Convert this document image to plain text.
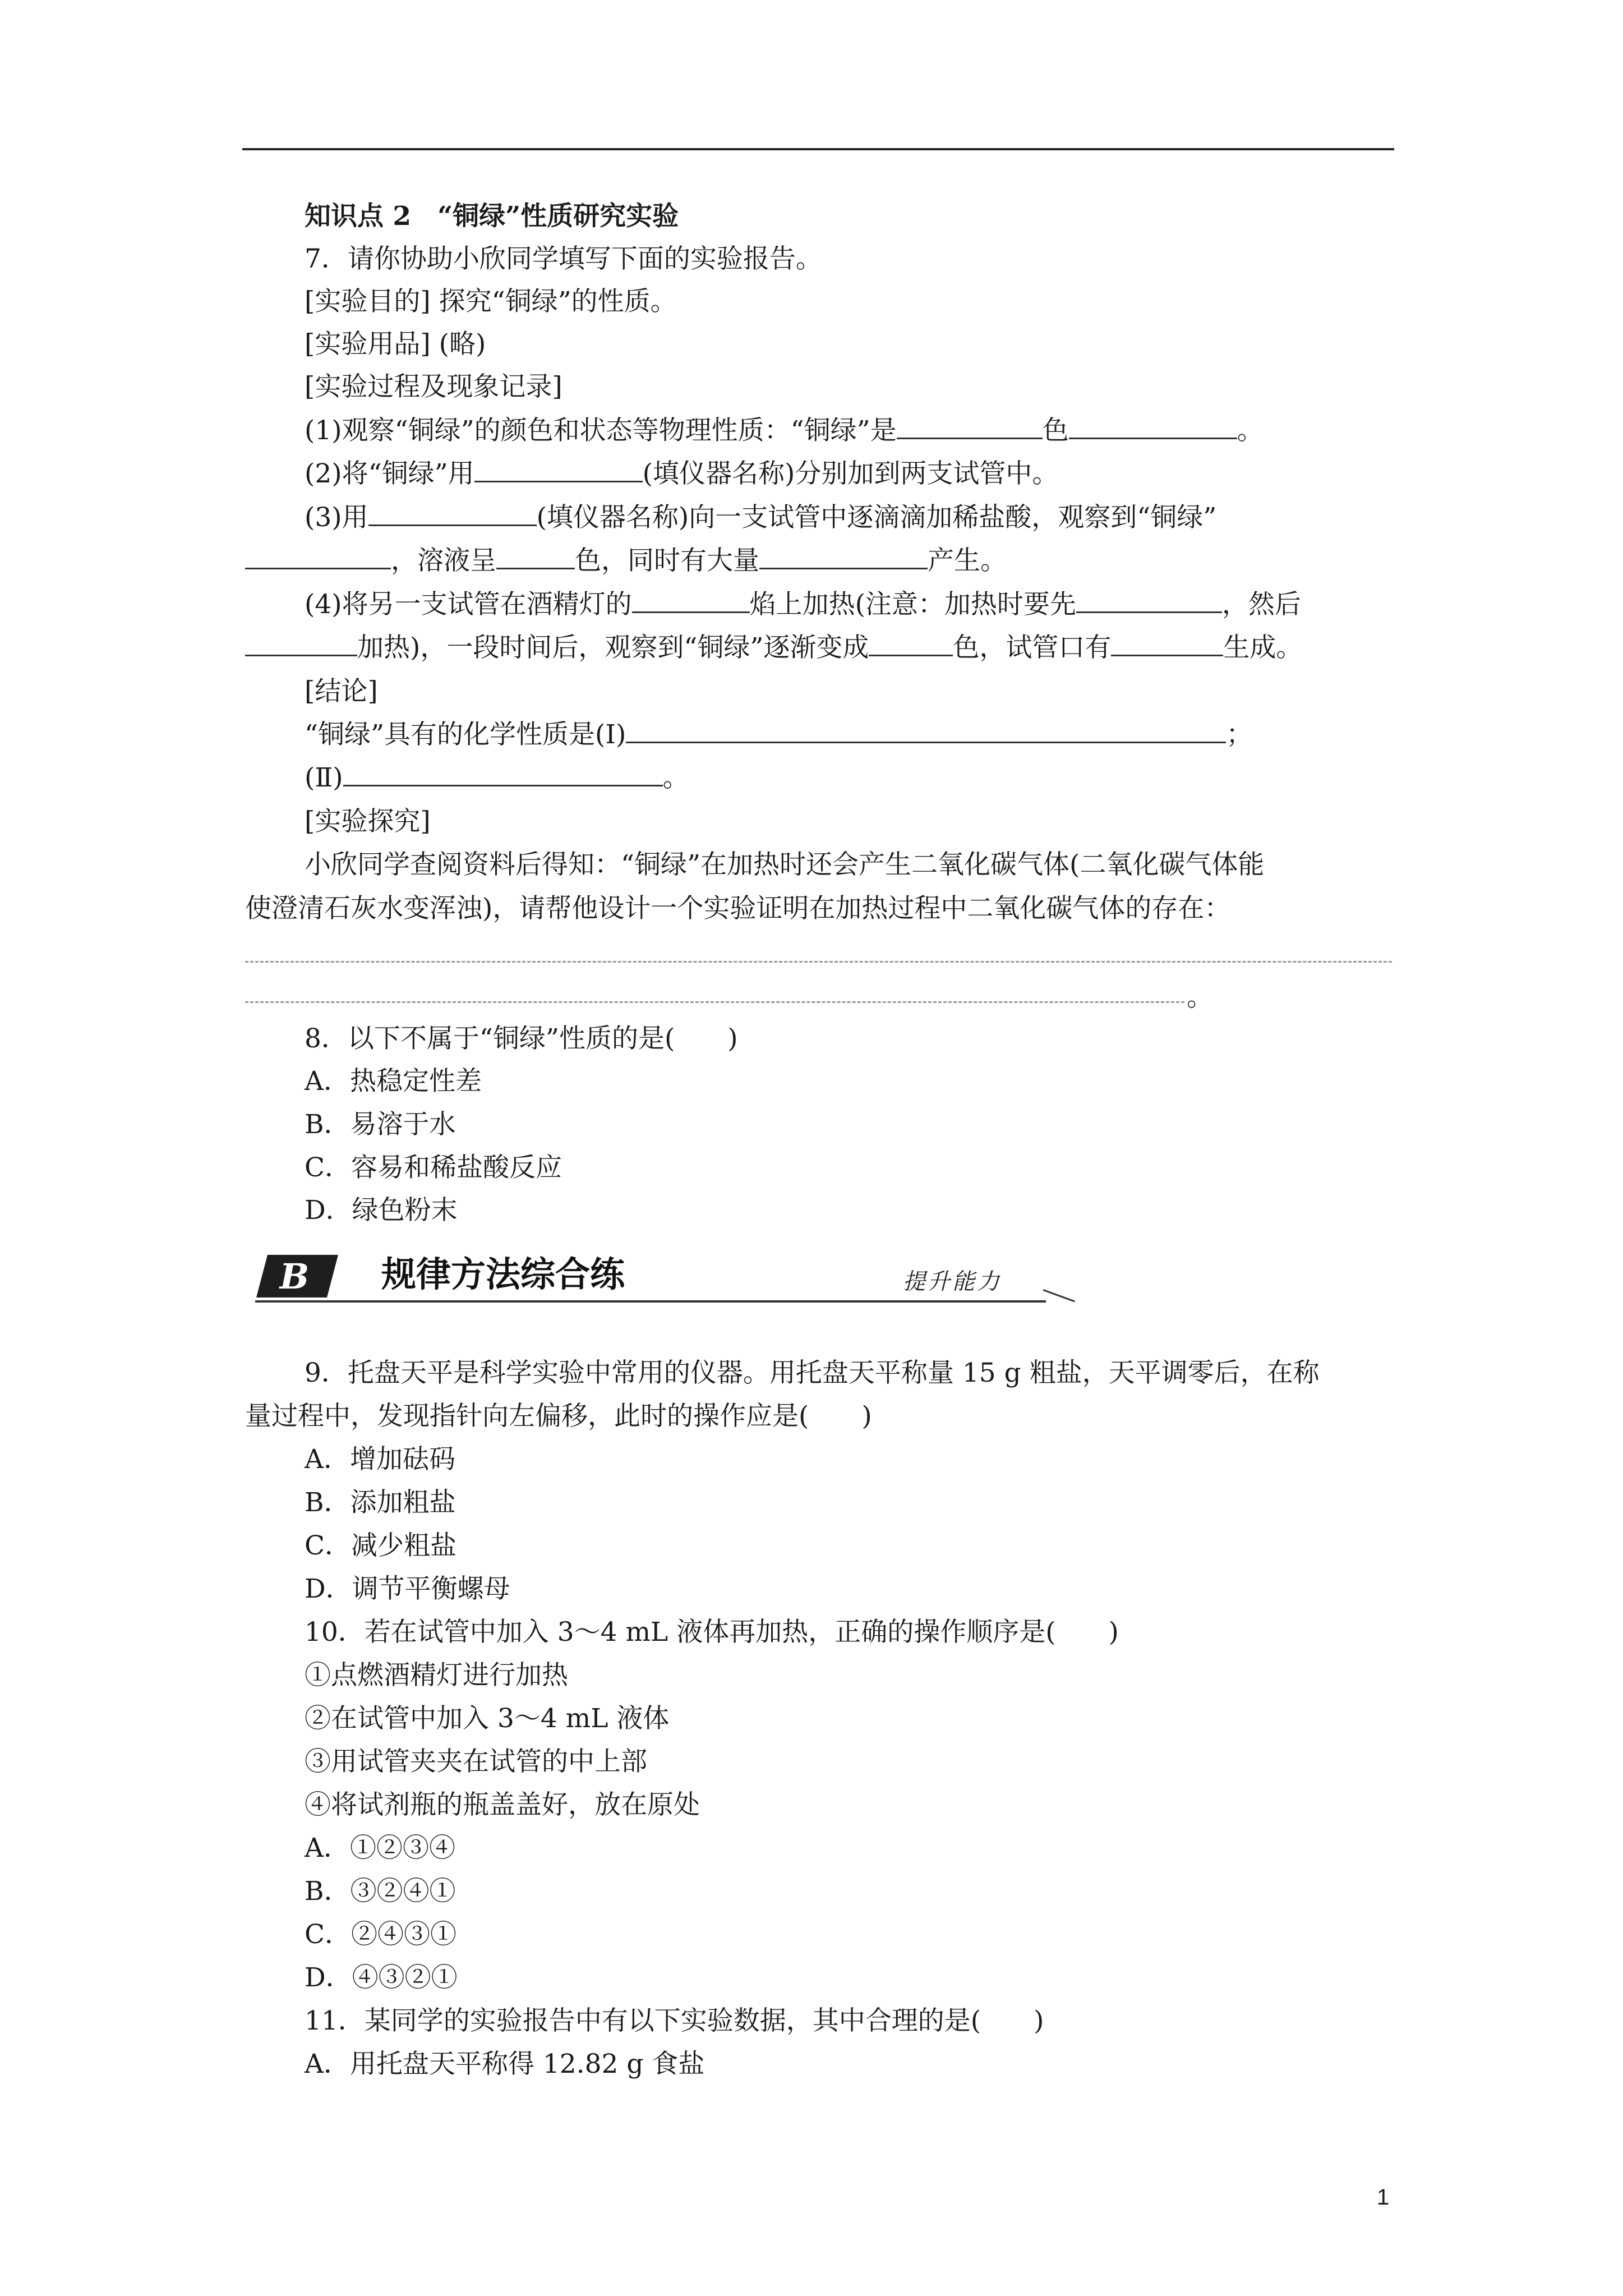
知识点 2　“铜绿”性质研究实验
7．请你协助小欣同学填写下面的实验报告。
[实验目的] 探究“铜绿”的性质。
[实验用品] (略)
[实验过程及现象记录]
(1)观察“铜绿”的颜色和状态等物理性质：“铜绿”是	色	。
(2)将“铜绿”用	(填仪器名称)分别加到两支试管中。
(3)用	(填仪器名称)向一支试管中逐滴滴加稀盐酸，观察到“铜绿”
，溶液呈	色，同时有大量	产生。
(4)将另一支试管在酒精灯的	焰上加热(注意：加热时要先	，然后
加热)，一段时间后，观察到“铜绿”逐渐变成	色，试管口有	生成。
[结论]
“铜绿”具有的化学性质是(Ⅰ)	；
(Ⅱ)	。
[实验探究]
小欣同学查阅资料后得知：“铜绿”在加热时还会产生二氧化碳气体(二氧化碳气体能
使澄清石灰水变浑浊)，请帮他设计一个实验证明在加热过程中二氧化碳气体的存在：
。
8．以下不属于“铜绿”性质的是(　　)
A．热稳定性差
B．易溶于水
C．容易和稀盐酸反应
D．绿色粉末
B 规律方法综合练	提升能力
9．托盘天平是科学实验中常用的仪器。用托盘天平称量 15 g 粗盐，天平调零后，在称
量过程中，发现指针向左偏移，此时的操作应是(　　)
A．增加砝码
B．添加粗盐
C．减少粗盐
D．调节平衡螺母
10．若在试管中加入 3～4 mL 液体再加热，正确的操作顺序是(　　)
①点燃酒精灯进行加热
②在试管中加入 3～4 mL 液体
③用试管夹夹在试管的中上部
④将试剂瓶的瓶盖盖好，放在原处
A．①②③④
B．③②④①
C．②④③①
D．④③②①
11．某同学的实验报告中有以下实验数据，其中合理的是(　　)
A．用托盘天平称得 12.82 g 食盐
1
